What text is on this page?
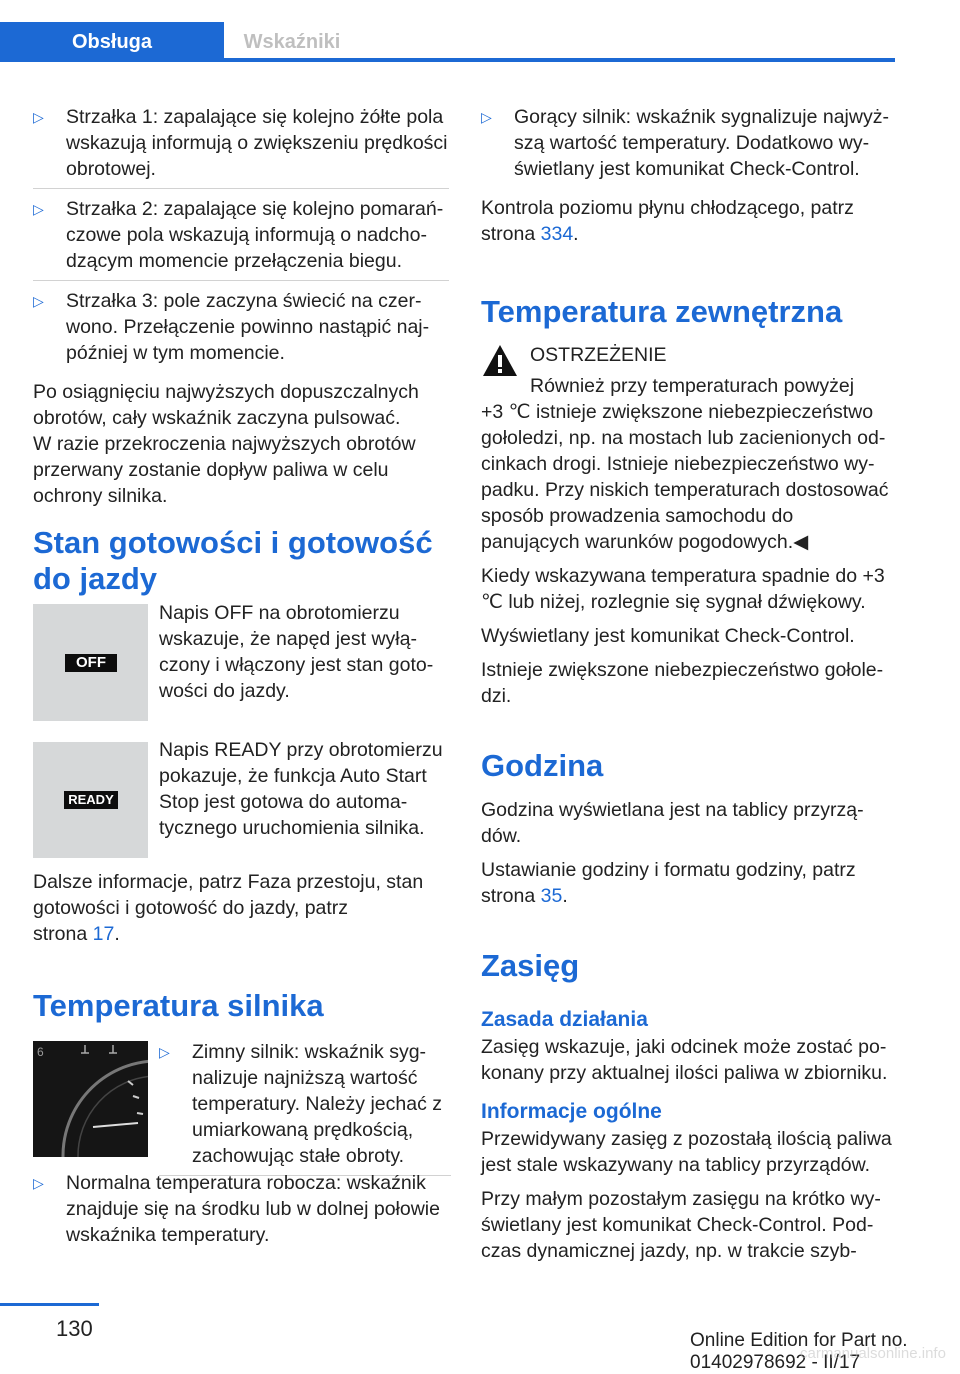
Obsługa	Wskaźniki
▷ Strzałka 1: zapalające się kolejno żółte pola wskazują informują o zwiększeniu prędkości obrotowej.
▷ Strzałka 2: zapalające się kolejno pomarańczowe pola wskazują informują o nadchodzącym momencie przełączenia biegu.
▷ Strzałka 3: pole zaczyna świecić na czerwono. Przełączenie powinno nastąpić najpóźniej w tym momencie.

Po osiągnięciu najwyższych dopuszczalnych obrotów, cały wskaźnik zaczyna pulsować.

W razie przekroczenia najwyższych obrotów przerwany zostanie dopływ paliwa w celu ochrony silnika.

Stan gotowości i gotowość do jazdy
OFF
Napis OFF na obrotomierzu wskazuje, że napęd jest wyłączony i włączony jest stan gotowości do jazdy.
READY
Napis READY przy obrotomierzu pokazuje, że funkcja Auto Start Stop jest gotowa do automatycznego uruchomienia silnika.
Dalsze informacje, patrz Faza przestoju, stan gotowości i gotowość do jazdy, patrz
strona 17.
Temperatura silnika
6	▷ Zimny silnik: wskaźnik sygnalizuje najniższą wartość temperatury. Należy jechać z umiarkowaną prędkością, zachowując stałe obroty.
▷ Normalna temperatura robocza: wskaźnik znajduje się na środku lub w dolnej połowie wskaźnika temperatury.
▷ Gorący silnik: wskaźnik sygnalizuje najwyższą wartość temperatury. Dodatkowo wyświetlany jest komunikat Check-Control.

Kontrola poziomu płynu chłodzącego, patrz
strona 334.

Temperatura zewnętrzna
OSTRZEŻENIE
Również przy temperaturach powyżej
+3 ℃ istnieje zwiększone niebezpieczeństwo gołoledzi, np. na mostach lub zacienionych odcinkach drogi. Istnieje niebezpieczeństwo wypadku. Przy niskich temperaturach dostosować sposób prowadzenia samochodu do panujących warunków pogodowych.◀

Kiedy wskazywana temperatura spadnie do +3 ℃ lub niżej, rozlegnie się sygnał dźwiękowy.

Wyświetlany jest komunikat Check-Control.

Istnieje zwiększone niebezpieczeństwo gołoledzi.

Godzina

Godzina wyświetlana jest na tablicy przyrządów.

Ustawianie godziny i formatu godziny, patrz
strona 35.

Zasięg
Zasada działania

Zasięg wskazuje, jaki odcinek może zostać pokonany przy aktualnej ilości paliwa w zbiorniku.

Informacje ogólne

Przewidywany zasięg z pozostałą ilością paliwa jest stale wskazywany na tablicy przyrządów.

Przy małym pozostałym zasięgu na krótko wyświetlany jest komunikat Check-Control. Podczas dynamicznej jazdy, np. w trakcie szyb-

130	Online Edition for Part no. 01402978692 - II/17
carmanualsonline.info
